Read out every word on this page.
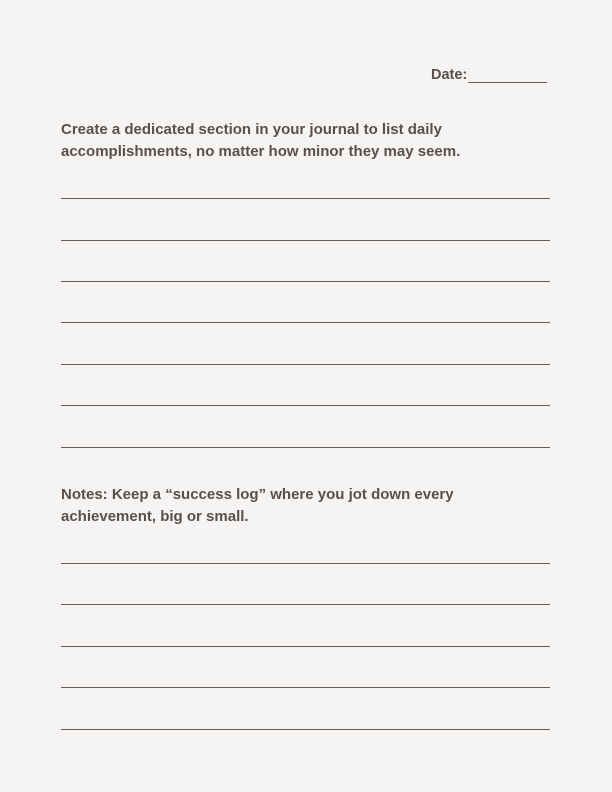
Date:

Create a dedicated section in your journal to list daily
accomplishments, no matter how minor they may seem.

Notes: Keep a “success log” where you jot down every
achievement, big or small.
